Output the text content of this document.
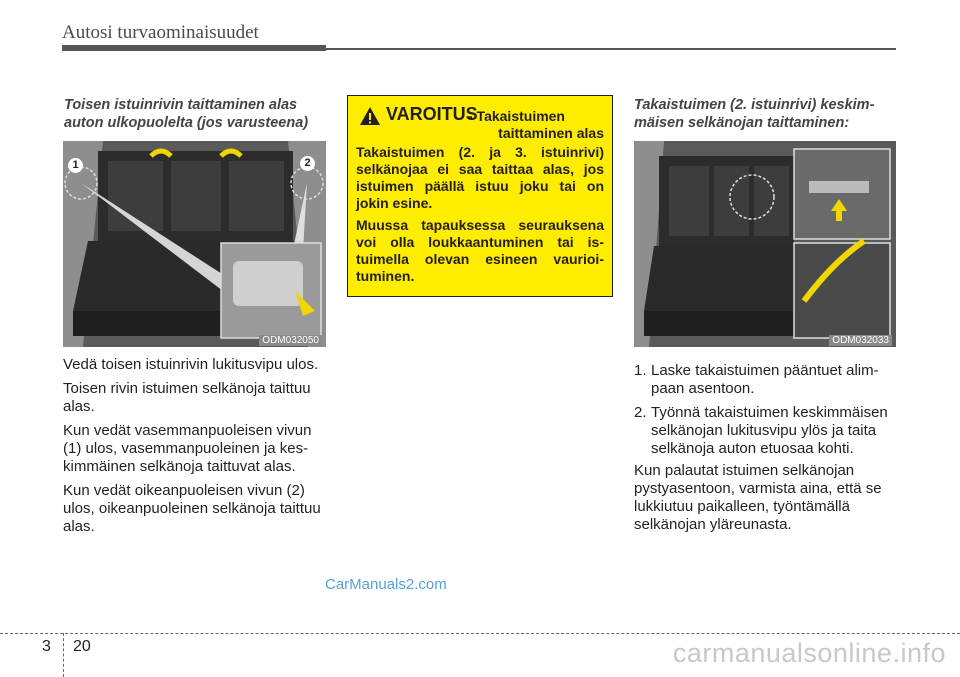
Autosi turvaominaisuudet
Toisen istuinrivin taittaminen alas
auton ulkopuolelta (jos varusteena)
1	2
ODM032050

Vedä toisen istuinrivin lukitusvipu ulos.

Toisen rivin istuimen selkänoja taittuu alas.

Kun vedät vasemmanpuoleisen vivun (1) ulos, vasemmanpuoleinen ja kes-kimmäinen selkänoja taittuvat alas.

Kun vedät oikeanpuoleisen vivun (2) ulos, oikeanpuoleinen selkänoja taittuu alas.

VAROITUS
- Takaistuimen
taittaminen alas

Takaistuimen (2. ja 3. istuinrivi) selkänojaa ei saa taittaa alas, jos istuimen päällä istuu joku tai on jokin esine.

Muussa tapauksessa seurauksena voi olla loukkaantuminen tai is-tuimella olevan esineen vaurioi-tuminen.

Takaistuimen (2. istuinrivi) keskim-
mäisen selkänojan taittaminen:
ODM032033
1. Laske takaistuimen pääntuet alim-paan asentoon.
2. Työnnä takaistuimen keskimmäisen selkänojan lukitusvipu ylös ja taita selkänoja auton etuosaa kohti.

Kun palautat istuimen selkänojan pystyasentoon, varmista aina, että se lukkiutuu paikalleen, työntämällä selkänojan yläreunasta.

CarManuals2.com
3 20	carmanualsonline.info
